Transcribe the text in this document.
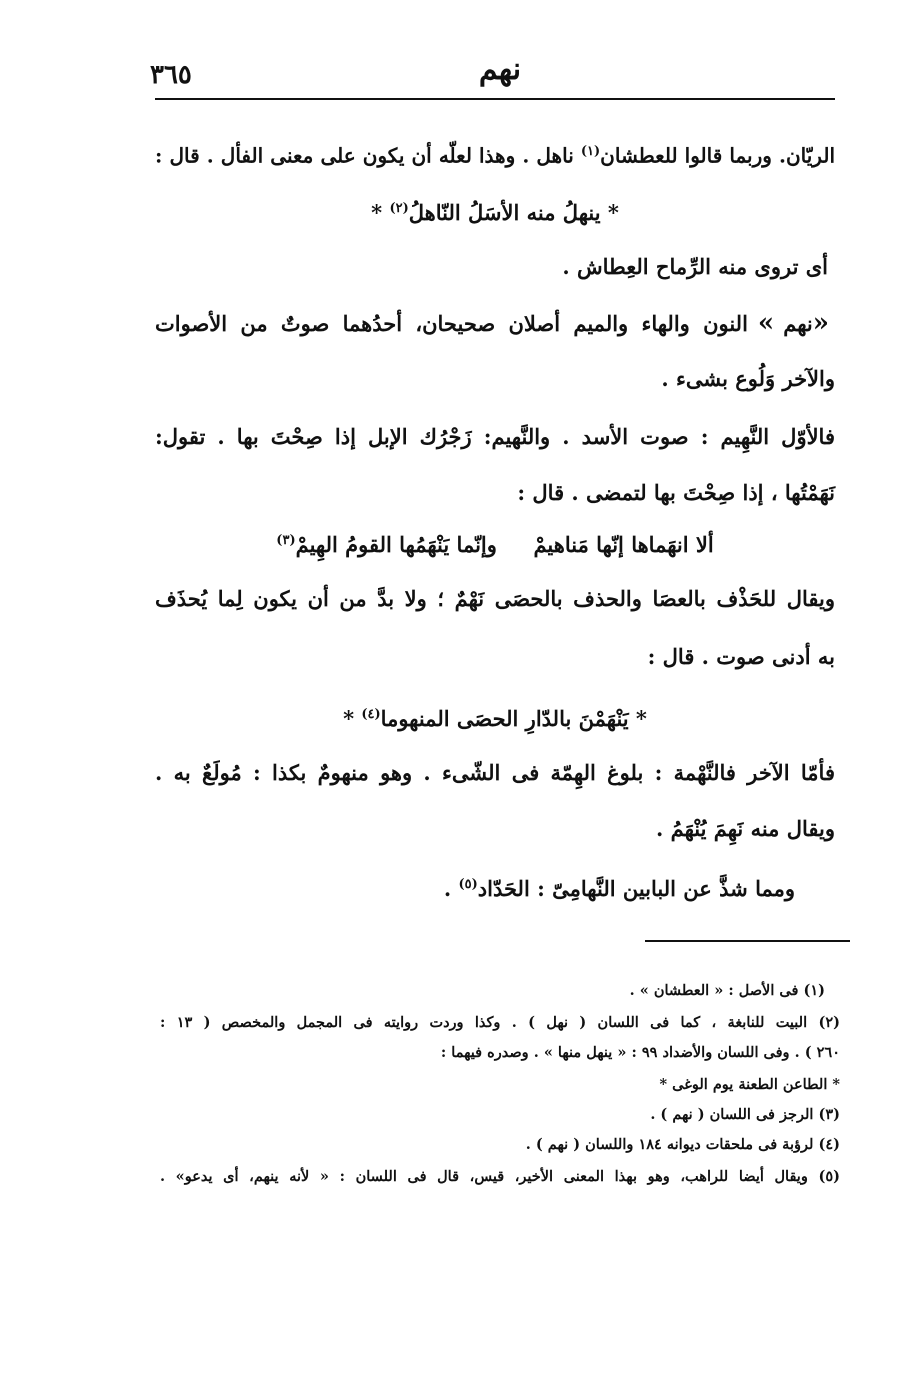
نهم
٣٦٥
الريّان. وربما قالوا للعطشان$^{(١)}$ ناهل . وهذا لعلّه أن يكون على معنى الفأل . قال :
* ينهلُ منه الأسَلُ النّاهلُ$^{(٢)}$ *
أى تروى منه الرِّماح العِطاش .
« نهم »النون والهاء والميم أصلان صحيحان، أحدُهما صوتٌ من الأصوات
والآخر وَلُوع بشىء .
فالأوّل النَّهِيم : صوت الأسد . والنَّهيم: زَجْرُك الإبل إذا صِحْتَ بها . تقول:
نَهَمْتُها ، إذا صِحْتَ بها لتمضى . قال :
ألا انهَماها إنّها مَناهيمْ     وإنّما يَنْهَمُها القومُ الهِيمْ$^{(٣)}$
ويقال للحَذْف بالعصَا والحذف بالحصَى نَهْمٌ ؛ ولا بدَّ من أن يكون لِما يُحذَف
به أدنى صوت . قال :
* يَنْهَمْنَ بالدّارِ الحصَى المنهوما$^{(٤)}$ *
فأمّا الآخر فالنَّهْمة : بلوغ الهِمّة فى الشّىء . وهو منهومٌ بكذا : مُولَعٌ به .
ويقال منه نَهِمَ يُنْهَمُ .
ومما شذَّ عن البابين النَّهامِىّ : الحَدّاد$^{(٥)}$ .
(١) فى الأصل : « العطشان » .
(٢) البيت للنابغة ، كما فى اللسان ( نهل ) . وكذا وردت روايته فى المجمل والمخصص ( ١٣ :
٢٦٠ ) . وفى اللسان والأضداد ٩٩ : « ينهل منها » . وصدره فيهما :
* الطاعن الطعنة يوم الوغى *
(٣) الرجز فى اللسان ( نهم ) .
(٤) لرؤبة فى ملحقات ديوانه ١٨٤ واللسان ( نهم ) .
(٥) ويقال أيضا للراهب، وهو بهذا المعنى الأخير، قيس، قال فى اللسان : « لأنه ينهم، أى يدعو» .
